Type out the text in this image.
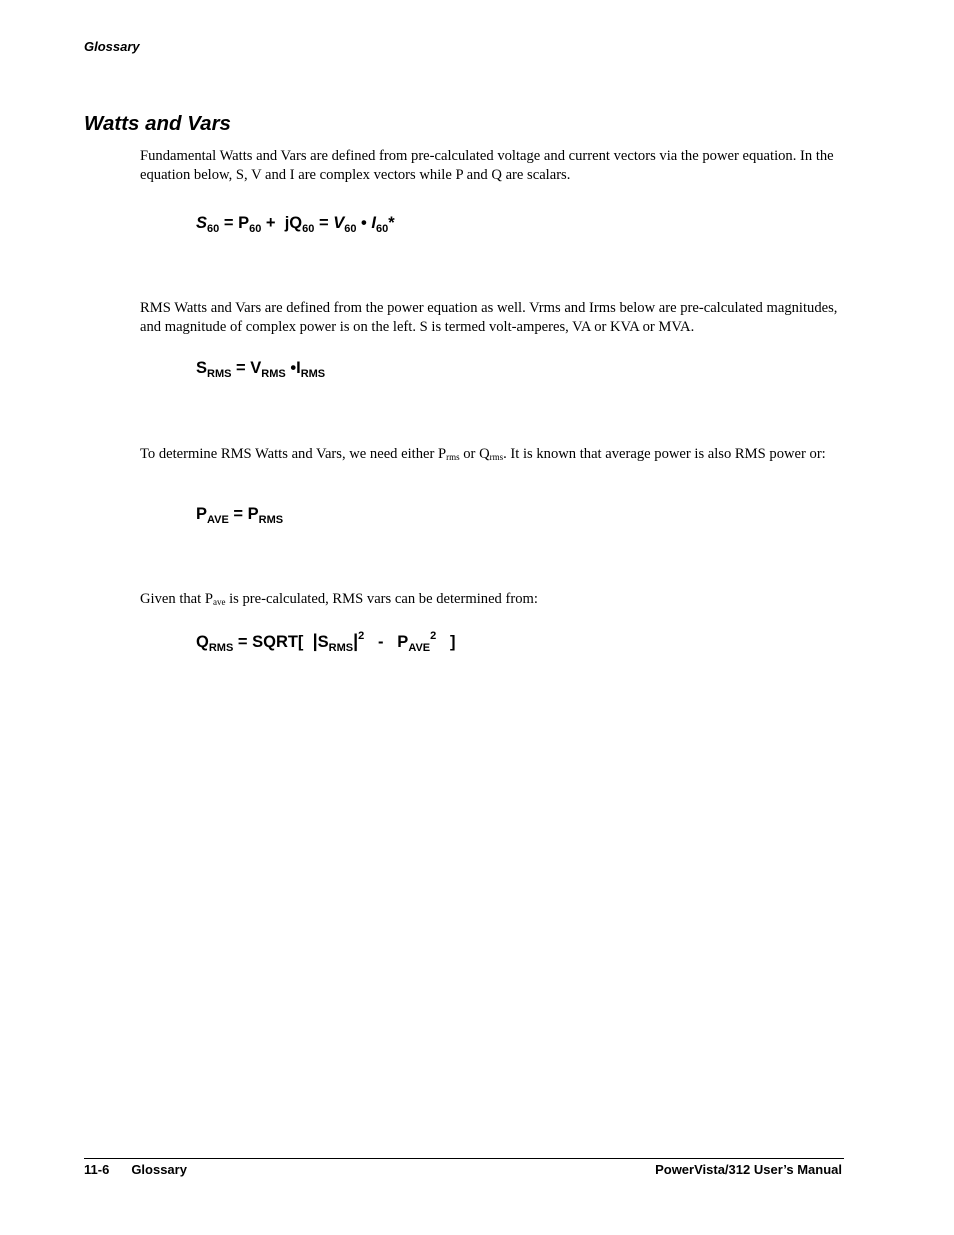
Glossary
Watts and Vars

Fundamental Watts and Vars are defined from pre-calculated voltage and current vectors via the power equation. In the equation below, S, V and I are complex vectors while P and Q are scalars.

$S_{60} = P_{60} + jQ_{60} = V_{60}$ • $I_{60}*$

RMS Watts and Vars are defined from the power equation as well. Vrms and Irms below are pre-calculated magnitudes, and magnitude of complex power is on the left. S is termed volt-amperes, VA or KVA or MVA.

$S_{RMS} = V_{RMS}$ $•I_{RMS}$

To determine RMS Watts and Vars, we need either $P_{rms}$ or $Q_{rms}$. It is known that average power is also RMS power or:

$P_{AVE} = P_{RMS}$

Given that $P_{ave}$ is pre-calculated, RMS vars can be determined from:

$Q_{RMS}$ = SQRT[  $|S_{RMS}|^2 - P_{AVE}^2$   ]
11-6 Glossary	PowerVista/312 User’s Manual
